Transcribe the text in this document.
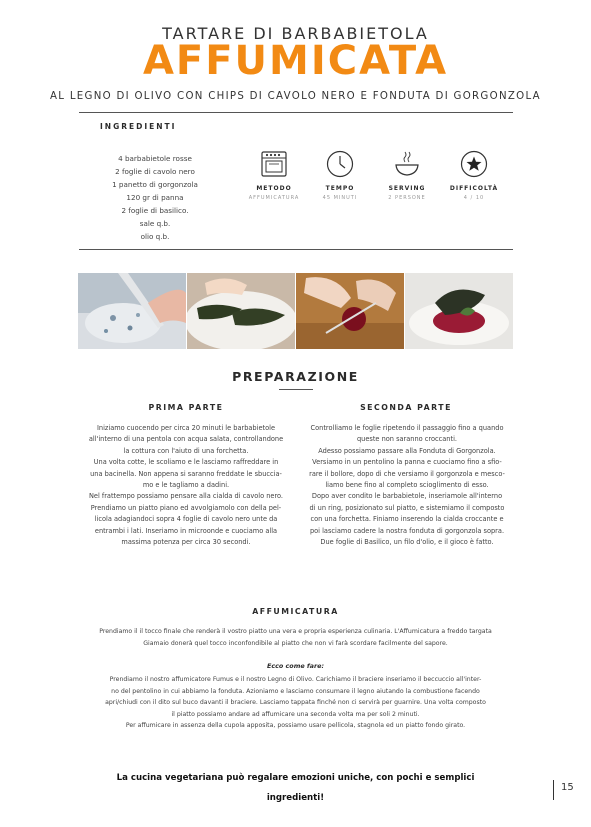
TARTARE DI BARBABIETOLA
AFFUMICATA
AL LEGNO DI OLIVO CON CHIPS DI CAVOLO NERO E FONDUTA DI GORGONZOLA
INGREDIENTI
4 barbabietole rosse
2 foglie di cavolo nero
1 panetto di gorgonzola
120 gr di panna
2 foglie di basilico.
sale q.b.
olio q.b.
METODO
AFFUMICATURA
TEMPO
45 MINUTI
SERVING
2 PERSONE
DIFFICOLTÀ
4 / 10
PREPARAZIONE
PRIMA PARTE
Iniziamo cuocendo per circa 20 minuti le barbabietole
all'interno di una pentola con acqua salata, controllandone
la cottura con l'aiuto di una forchetta.
Una volta cotte, le scoliamo e le lasciamo raffreddare in
una bacinella. Non appena si saranno freddate le sbuccia-
mo e le tagliamo a dadini.
Nel frattempo possiamo pensare alla cialda di cavolo nero.
Prendiamo un piatto piano ed avvolgiamolo con della pel-
licola adagiandoci sopra 4 foglie di cavolo nero unte da
entrambi i lati. Inseriamo in microonde e cuociamo alla
massima potenza per circa 30 secondi.
SECONDA PARTE
Controlliamo le foglie ripetendo il passaggio fino a quando
queste non saranno croccanti.
Adesso possiamo passare alla Fonduta di Gorgonzola.
Versiamo in un pentolino la panna e cuociamo fino a sfio-
rare il bollore, dopo di che versiamo il gorgonzola e mesco-
liamo bene fino al completo scioglimento di esso.
Dopo aver condito le barbabietole, inseriamole all'interno
di un ring, posizionato sul piatto, e sistemiamo il composto
con una forchetta. Finiamo inserendo la cialda croccante e
poi lasciamo cadere la nostra fonduta di gorgonzola sopra.
Due foglie di Basilico, un filo d'olio, e il gioco è fatto.
AFFUMICATURA
Prendiamo il il tocco finale che renderà il vostro piatto una vera e propria esperienza culinaria. L'Affumicatura a freddo targata
Giamaio donerà quel tocco inconfondibile al piatto che non vi farà scordare facilmente del sapore.
Ecco come fare:
Prendiamo il nostro affumicatore Fumus e il nostro Legno di Olivo. Carichiamo il braciere inseriamo il beccuccio all'inter-
no del pentolino in cui abbiamo la fonduta. Azioniamo e lasciamo consumare il legno aiutando la combustione facendo
apri/chiudi con il dito sul buco davanti il braciere. Lasciamo tappata finché non ci servirà per guarnire. Una volta composto
il piatto possiamo andare ad affumicare una seconda volta ma per soli 2 minuti.
Per affumicare in assenza della cupola apposita, possiamo usare pellicola, stagnola ed un piatto fondo girato.
La cucina vegetariana può regalare emozioni uniche, con pochi e semplici ingredienti!
15
